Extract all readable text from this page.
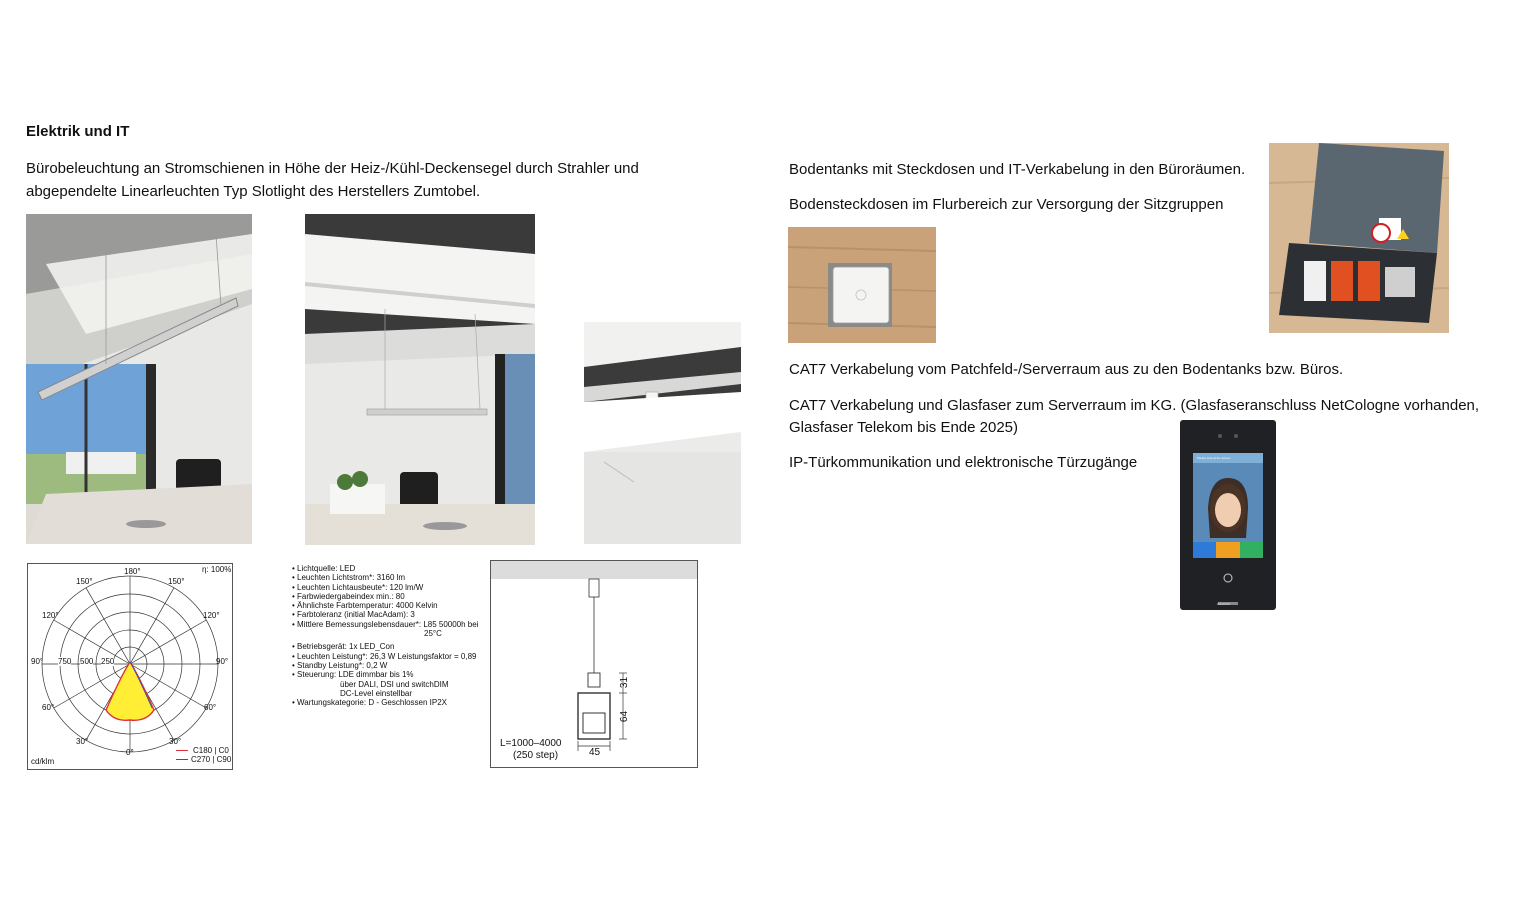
Elektrik und IT
Bürobeleuchtung an Stromschienen in Höhe der Heiz-/Kühl-Deckensegel durch Strahler und
abgependelte Linearleuchten Typ Slotlight des Herstellers Zumtobel.
180°
150°	150°
120°	120°
90°	90°
60°	60°
30°	30°
0°
750 500 250
η: 100%
cd/klm
C180 | C0
C270 | C90
• Lichtquelle: LED
• Leuchten Lichtstrom*: 3160 lm
• Leuchten Lichtausbeute*: 120 lm/W
• Farbwiedergabeindex min.: 80
• Ähnlichste Farbtemperatur: 4000 Kelvin
• Farbtoleranz (initial MacAdam): 3
• Mittlere Bemessungslebensdauer*: L85 50000h bei
25°C
• Betriebsgerät: 1x LED_Con
• Leuchten Leistung*: 26,3 W Leistungsfaktor = 0,89
• Standby Leistung*: 0,2 W
• Steuerung: LDE dimmbar bis 1%
über DALI, DSI und switchDIM
DC-Level einstellbar
• Wartungskategorie: D - Geschlossen IP2X
L=1000–4000
(250 step)	45
64
31
Bodentanks mit Steckdosen und IT-Verkabelung in den Büroräumen.
Bodensteckdosen im Flurbereich zur Versorgung der Sitzgruppen
CAT7 Verkabelung vom Patchfeld-/Serverraum aus zu den Bodentanks bzw. Büros.
CAT7 Verkabelung und Glasfaser zum Serverraum im KG. (Glasfaseranschluss NetCologne vorhanden,
Glasfaser Telekom bis Ende 2025)
IP-Türkommunikation und elektronische Türzugänge	Please look at the screen
Akuvox
